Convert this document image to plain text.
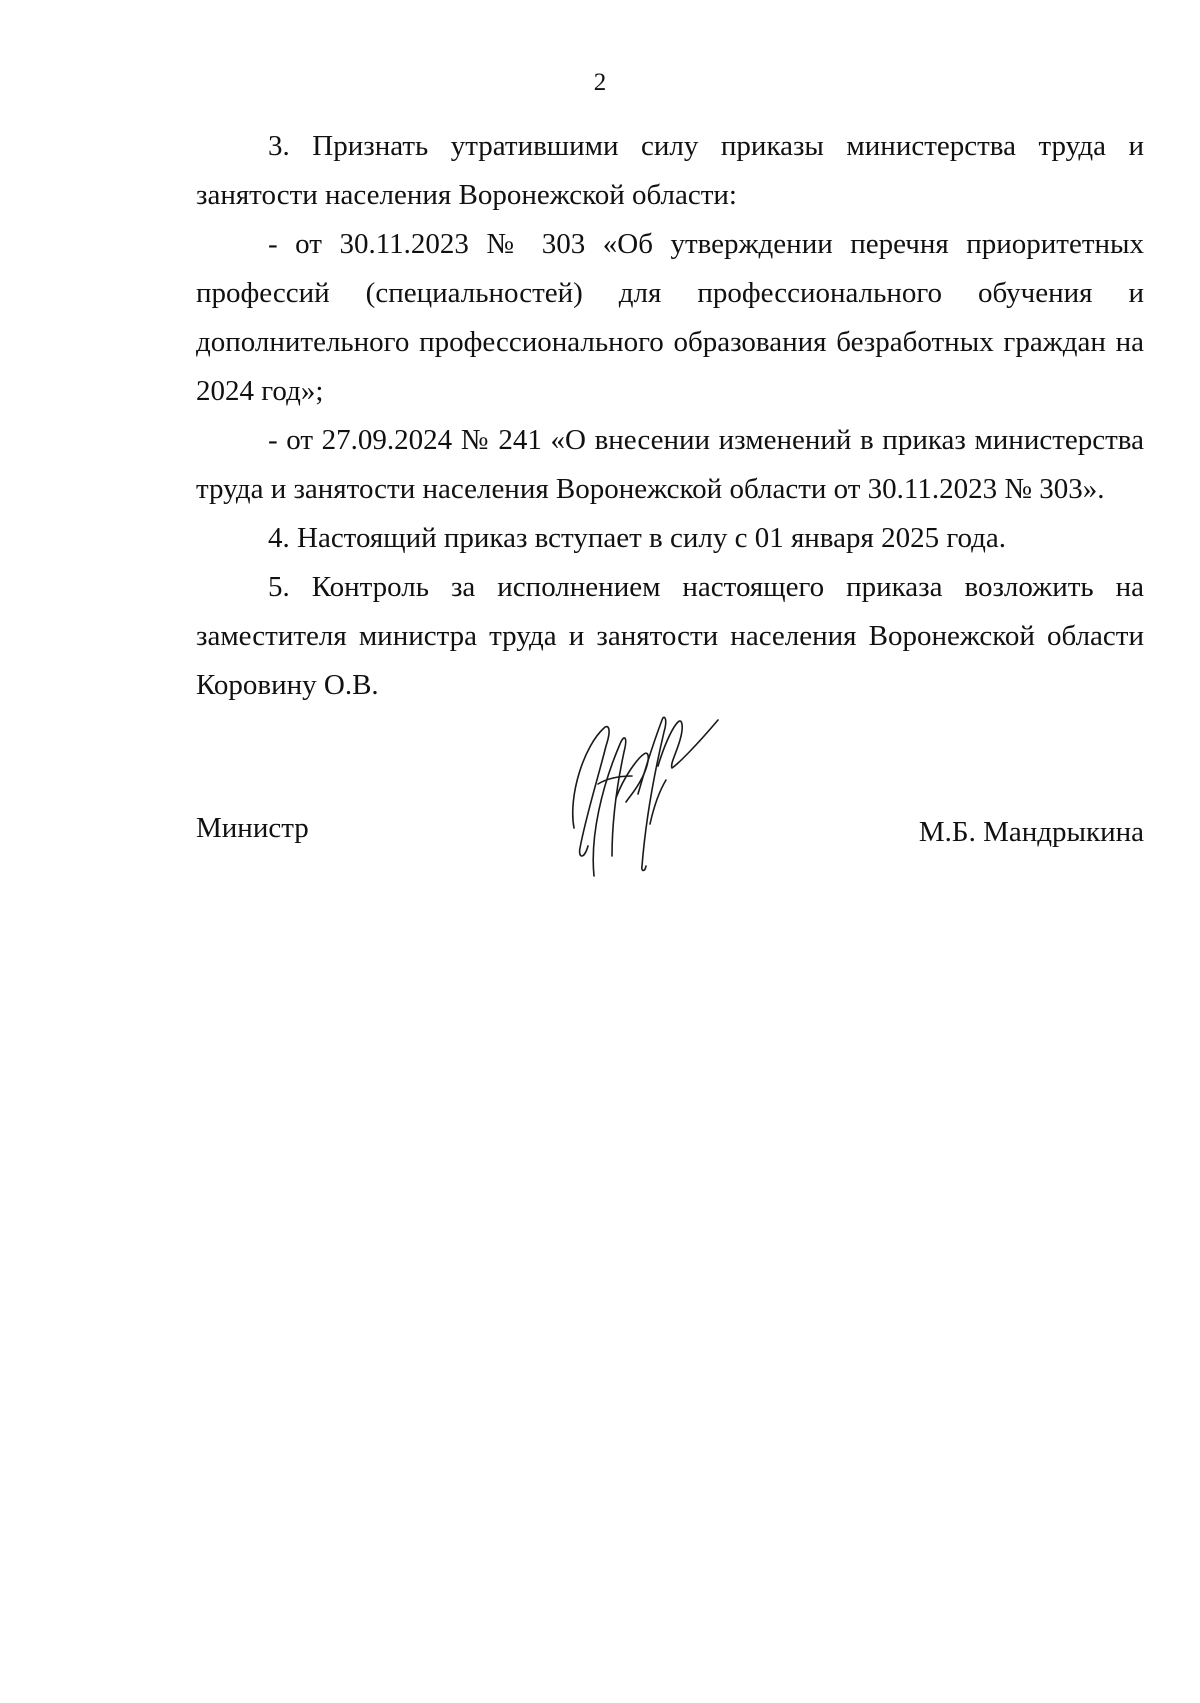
2

3. Признать утратившими силу приказы министерства труда и занятости населения Воронежской области:

- от 30.11.2023 № 303 «Об утверждении перечня приоритетных профессий (специальностей) для профессионального обучения и дополнительного профессионального образования безработных граждан на 2024 год»;

- от 27.09.2024 № 241 «О внесении изменений в приказ министерства труда и занятости населения Воронежской области от 30.11.2023 № 303».

4. Настоящий приказ вступает в силу с 01 января 2025 года.

5. Контроль за исполнением настоящего приказа возложить на заместителя министра труда и занятости населения Воронежской области Коровину О.В.

Министр	М.Б. Мандрыкина
